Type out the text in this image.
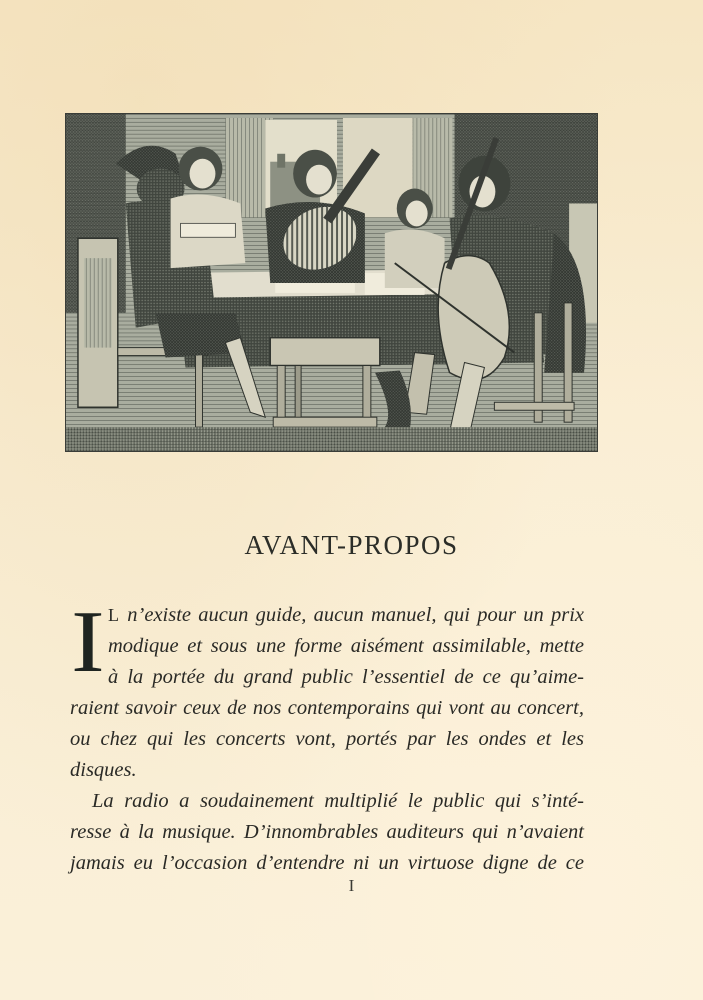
AVANT-PROPOS
I L n’existe aucun guide, aucun manuel, qui pour un prix
modique et sous une forme aisément assimilable, mette
à la portée du grand public l’essentiel de ce qu’aime-
raient savoir ceux de nos contemporains qui vont au concert,
ou chez qui les concerts vont, portés par les ondes et les
disques.
La radio a soudainement multiplié le public qui s’inté-
resse à la musique. D’innombrables auditeurs qui n’avaient
jamais eu l’occasion d’entendre ni un virtuose digne de ce
I
